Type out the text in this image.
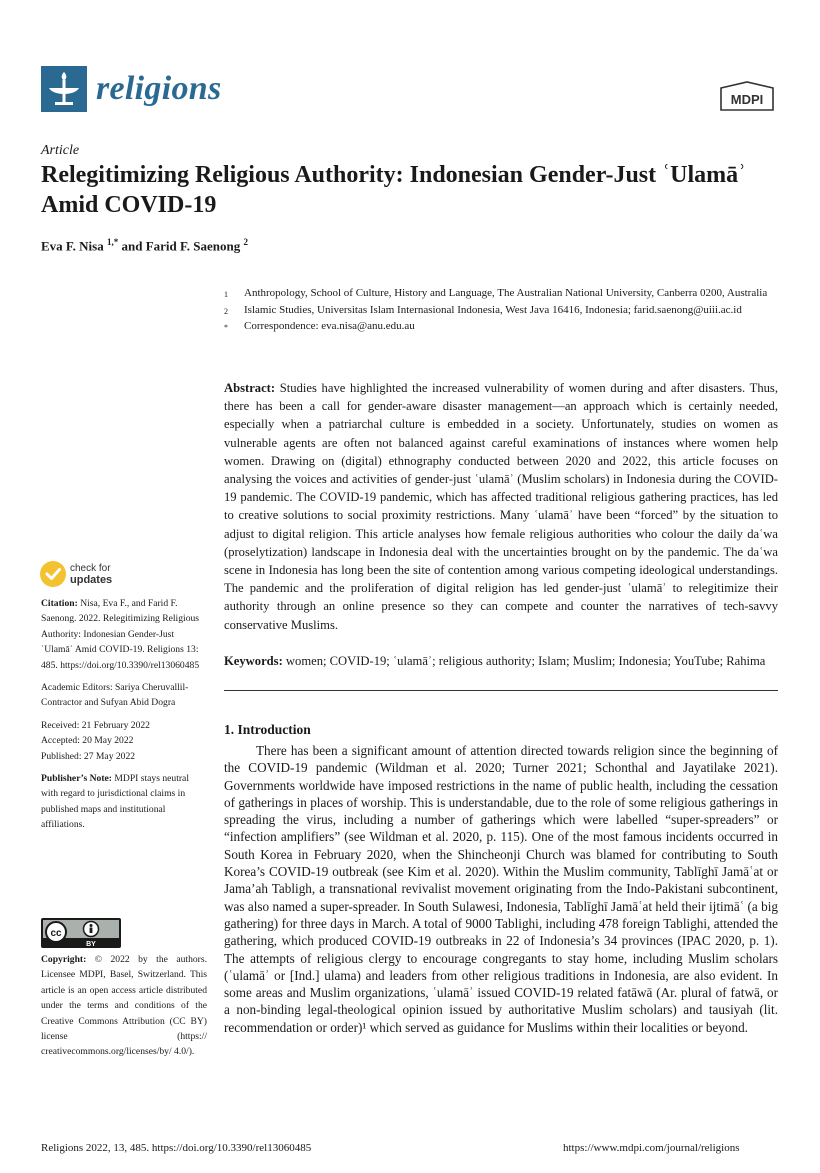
religions	MDPI
Article
Relegitimizing Religious Authority: Indonesian Gender-Just ʿUlamāʾ Amid COVID-19
Eva F. Nisa $^{1,*}$ and Farid F. Saenong $^2$
1	Anthropology, School of Culture, History and Language, The Australian National University, Canberra 0200, Australia
2	Islamic Studies, Universitas Islam Internasional Indonesia, West Java 16416, Indonesia; farid.saenong@uiii.ac.id
*	Correspondence: eva.nisa@anu.edu.au
Abstract: Studies have highlighted the increased vulnerability of women during and after disasters. Thus, there has been a call for gender-aware disaster management—an approach which is certainly needed, especially when a patriarchal culture is embedded in a society. Unfortunately, studies on women as vulnerable agents are often not balanced against careful examinations of instances where women help women. Drawing on (digital) ethnography conducted between 2020 and 2022, this article focuses on analysing the voices and activities of gender-just ʿulamāʾ (Muslim scholars) in Indonesia during the COVID-19 pandemic. The COVID-19 pandemic, which has affected traditional religious gathering practices, has led to creative solutions to social proximity restrictions. Many ʿulamāʾ have been “forced” by the situation to adjust to digital religion. This article analyses how female religious authorities who colour the daily daʿwa (proselytization) landscape in Indonesia deal with the uncertainties brought on by the pandemic. The daʿwa scene in Indonesia has long been the site of contention among various competing ideological understandings. The pandemic and the proliferation of digital religion has led gender-just ʿulamāʾ to relegitimize their authority through an online presence so they can compete and counter the narratives of tech-savvy conservative Muslims.
Keywords: women; COVID-19; ʿulamāʾ; religious authority; Islam; Muslim; Indonesia; YouTube; Rahima
1. Introduction
There has been a significant amount of attention directed towards religion since the beginning of the COVID-19 pandemic (Wildman et al. 2020; Turner 2021; Schonthal and Jayatilake 2021). Governments worldwide have imposed restrictions in the name of public health, including the cessation of gatherings in places of worship. This is understandable, due to the role of some religious gatherings in spreading the virus, including a number of gatherings which were labelled “super-spreaders” or “infection amplifiers” (see Wildman et al. 2020, p. 115). One of the most famous incidents occurred in South Korea in February 2020, when the Shincheonji Church was blamed for contributing to South Korea’s COVID-19 outbreak (see Kim et al. 2020). Within the Muslim community, Tablīghī Jamāʿat or Jama’ah Tabligh, a transnational revivalist movement originating from the Indo-Pakistani subcontinent, was also named a super-spreader. In South Sulawesi, Indonesia, Tablīghī Jamāʿat held their ijtimāʿ (a big gathering) for three days in March. A total of 9000 Tablighi, including 478 foreign Tablighi, attended the gathering, which produced COVID-19 outbreaks in 22 of Indonesia’s 34 provinces (IPAC 2020, p. 1). The attempts of religious clergy to encourage congregants to stay home, including Muslim scholars (ʿulamāʾ or [Ind.] ulama) and leaders from other religious traditions in Indonesia, are also evident. In some areas and Muslim organizations, ʿulamāʾ issued COVID-19 related fatāwā (Ar. plural of fatwā, or a non-binding legal-theological opinion issued by authoritative Muslim scholars) and tausiyah (lit. recommendation or order)¹ which served as guidance for Muslims within their localities or beyond.
check for
updates
Citation: Nisa, Eva F., and Farid F. Saenong. 2022. Relegitimizing Religious Authority: Indonesian Gender-Just ʿUlamāʾ Amid COVID-19. Religions 13: 485. https://doi.org/10.3390/rel13060485
Academic Editors: Sariya Cheruvallil-Contractor and Sufyan Abid Dogra
Received: 21 February 2022
Accepted: 20 May 2022
Published: 27 May 2022
Publisher’s Note: MDPI stays neutral with regard to jurisdictional claims in published maps and institutional affiliations.
cc
BY
Copyright: © 2022 by the authors. Licensee MDPI, Basel, Switzerland. This article is an open access article distributed under the terms and conditions of the Creative Commons Attribution (CC BY) license (https:// creativecommons.org/licenses/by/ 4.0/).
Religions 2022, 13, 485. https://doi.org/10.3390/rel13060485	https://www.mdpi.com/journal/religions
